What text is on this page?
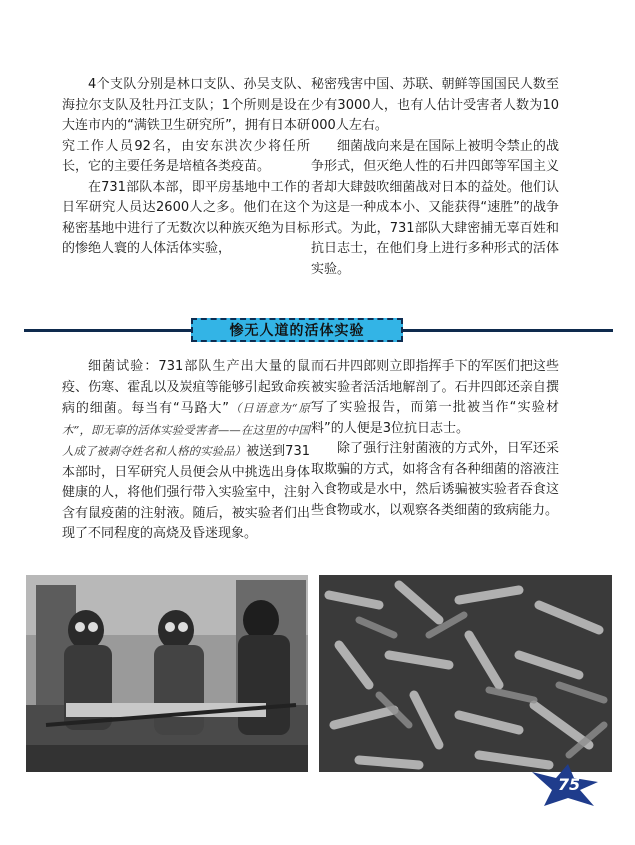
4个支队分别是林口支队、孙吴支队、海拉尔支队及牡丹江支队；1个所则是设在大连市内的“满铁卫生研究所”，拥有日本研究工作人员92名，由安东洪次少将任所长，它的主要任务是培植各类疫苗。

在731部队本部，即平房基地中工作的日军研究人员达2600人之多。他们在这个秘密基地中进行了无数次以种族灭绝为目标的惨绝人寰的人体活体实验，

秘密残害中国、苏联、朝鲜等国国民人数至少有3000人，也有人估计受害者人数为10000人左右。

细菌战向来是在国际上被明令禁止的战争形式，但灭绝人性的石井四郎等军国主义者却大肆鼓吹细菌战对日本的益处。他们认为这是一种成本小、又能获得“速胜”的战争形式。为此，731部队大肆密捕无辜百姓和抗日志士，在他们身上进行多种形式的活体实验。

惨无人道的活体实验

细菌试验：731部队生产出大量的鼠疫、伤寒、霍乱以及炭疽等能够引起致命疾病的细菌。每当有“马路大”（日语意为“原木”，即无辜的活体实验受害者——在这里的中国人成了被剥夺姓名和人格的实验品）被送到731本部时，日军研究人员便会从中挑选出身体健康的人，将他们强行带入实验室中，注射含有鼠疫菌的注射液。随后，被实验者们出现了不同程度的高烧及昏迷现象。

而石井四郎则立即指挥手下的军医们把这些被实验者活活地解剖了。石井四郎还亲自撰写了实验报告，而第一批被当作“实验材料”的人便是3位抗日志士。

除了强行注射菌液的方式外，日军还采取欺骗的方式，如将含有各种细菌的溶液注入食物或是水中，然后诱骗被实验者吞食这些食物或水，以观察各类细菌的致病能力。

75
